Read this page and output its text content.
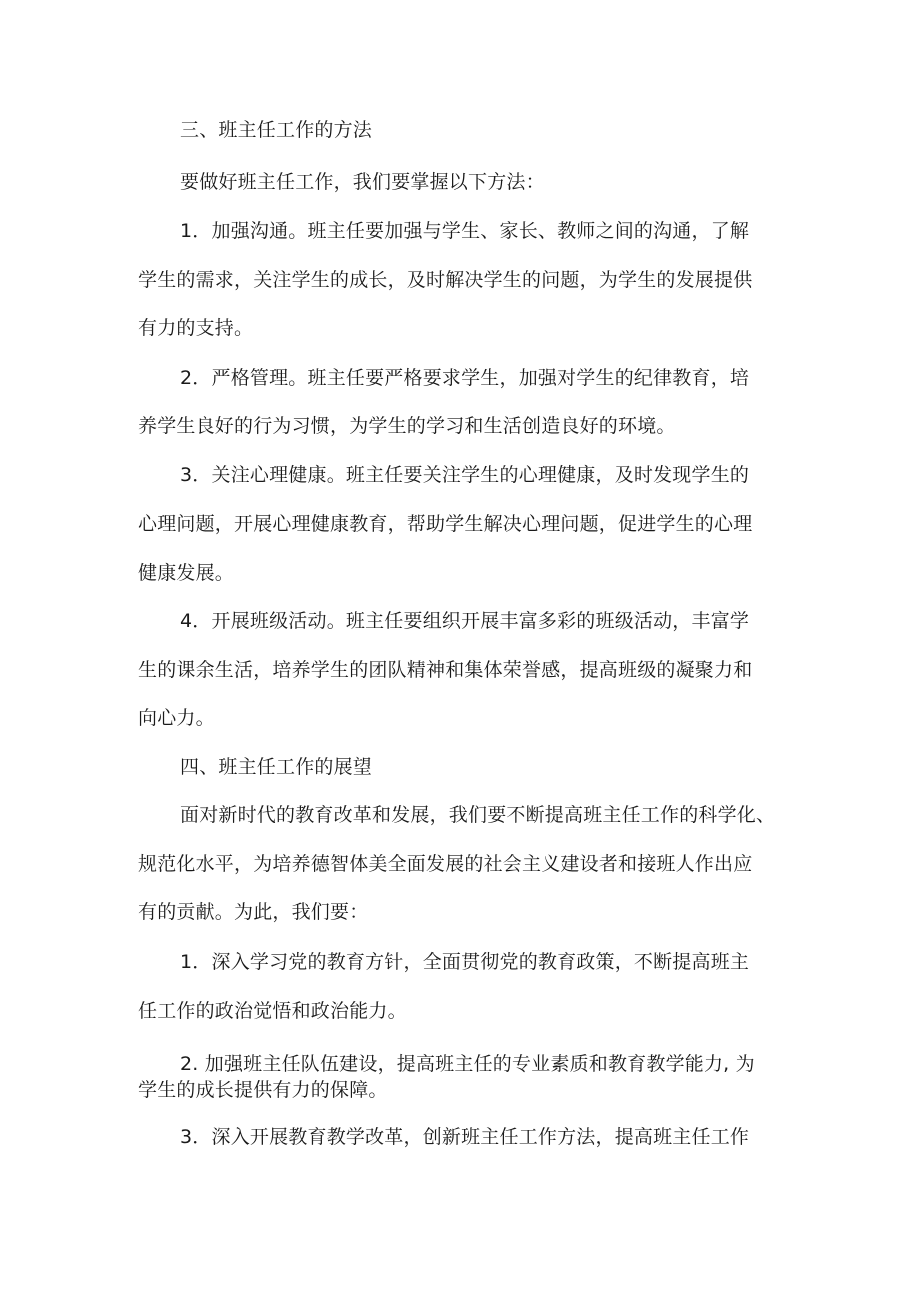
三、班主任工作的方法
要做好班主任工作，我们要掌握以下方法：
1．加强沟通。班主任要加强与学生、家长、教师之间的沟通，了解
学生的需求，关注学生的成长，及时解决学生的问题，为学生的发展提供
有力的支持。
2．严格管理。班主任要严格要求学生，加强对学生的纪律教育，培
养学生良好的行为习惯，为学生的学习和生活创造良好的环境。
3．关注心理健康。班主任要关注学生的心理健康，及时发现学生的
心理问题，开展心理健康教育，帮助学生解决心理问题，促进学生的心理
健康发展。
4．开展班级活动。班主任要组织开展丰富多彩的班级活动，丰富学
生的课余生活，培养学生的团队精神和集体荣誉感，提高班级的凝聚力和
向心力。
四、班主任工作的展望
面对新时代的教育改革和发展，我们要不断提高班主任工作的科学化、
规范化水平，为培养德智体美全面发展的社会主义建设者和接班人作出应
有的贡献。为此，我们要：
1．深入学习党的教育方针，全面贯彻党的教育政策，不断提高班主
任工作的政治觉悟和政治能力。
2. 加强班主任队伍建设，提高班主任的专业素质和教育教学能力, 为
学生的成长提供有力的保障。
3．深入开展教育教学改革，创新班主任工作方法，提高班主任工作
